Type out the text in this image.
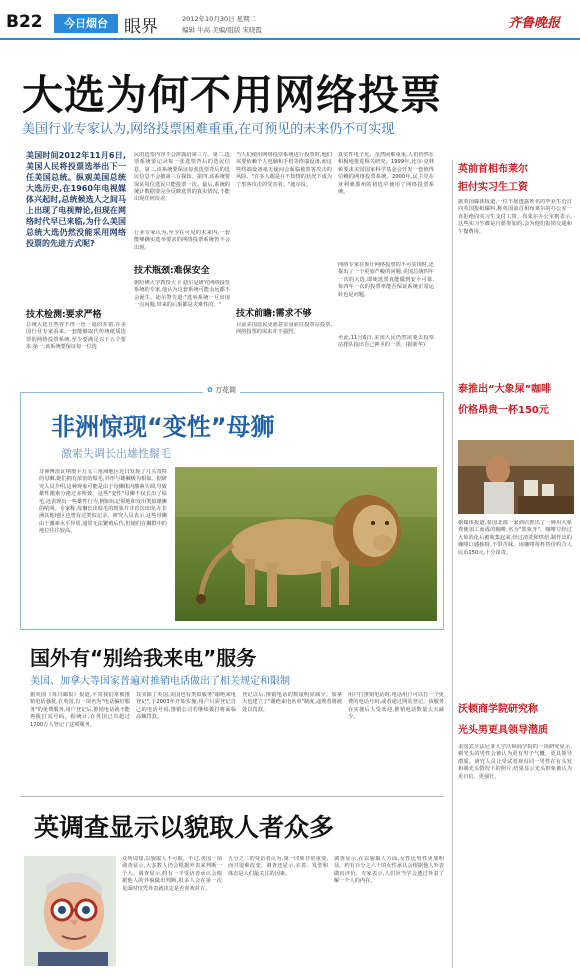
B22	今日烟台 眼界	2012年10月30日 星期二
编辑 牛高 美编/组版 宋晓霞	齐鲁晚报
大选为何不用网络投票
美国行业专家认为,网络投票困难重重,在可预见的未来仍不可实现
美国时间2012年11月6日,美国人民将投票选举出下一任美国总统。纵观美国总统大选历史,在1960年电视媒体兴起时,总统候选人之间马上出现了电视辩论,但现在网络时代早已来临,为什么美国总统大选仍然没能采用网络投票的先进方式呢?
技术检测:要求严格
总统大选自然容不得一丝一毫的差错,在美国行业专家看来,一套能够取代传统纸质选票的网络投票系统,至少要满足以下五个要求:第一,该系统要保证每一位选
民的选票内容不会泄露给第三方。第二,选票系统要记录每一张选票背后的选民信息。第三,该系统要保证每张选票背后的选民信息不会被第三方探知。第四,该系统要保证每位选民只能投票一次。最后,系统的统计数据要完全反映选票的真实情况,不能出现任何误差。
行业专家认为,至少在可见的未来内,一套能够确实选举要求的网络投票系统仍不会出现。
技术瓶颈:难保安全
据哈佛大学教授大卫·迪尔是研究网络投票系统的专家,他认为这套系统可能永远都不会诞生。迪尔警告道:"选举系统一旦出现一点问题,带来的后果都是灾难性的。"
当人们使用网络投票系统进行投票时,他们需要依赖个人电脑和手机等终端设备,而这些终端设备毫无疑问会面临被黑客攻击的风险。"许多人都是在不知情的状况下成为了黑客攻击的受害者。"迪尔说。
技术前瞻:需求不够
目前美国选民更愿意亲身前往投票站投票,网络投票的需求并不强烈。
真实性电子化。虽然困难重重,人们仍然在积极地推进相关研究。1999年,比尔·克林顿要求美国国家科学基金会开发一套值得信赖的网络投票系统。2000年,民主党在亚利桑那州的初选中使用了网络投票系统。
网络专家在预计网络投票的不可实现时,还提出了一个更加严峻的问题:美国总统四年一次的大选,即使选票真能做到安全可靠,每四年一次的投票率能否保证系统正常运转也是问题。
至此,11月6日,美国人民仍然需要去投票站排队投出自己神圣的一票。(据新华)
✿ 万花筒
非洲惊现“变性”母狮
激素失调长出雄性鬃毛
非洲博茨瓦纳奥卡万戈三角洲地区近日发现了几头奇特的母狮,她们拥有浓密的鬃毛,外形与雄狮极为相似。据研究人员介绍,这种现象可能是由于母狮体内激素失调,导致雄性激素分泌过多所致。这些"变性"母狮不仅长出了鬃毛,还表现出一些雄性行为,例如标记领地和发出类似雄狮的吼叫。专家称,母狮长出鬃毛的现象并非首次出现,在非洲其他地区也曾有过类似记录。研究人员表示,这些母狮由于激素水平异常,通常无法繁殖后代,但她们在狮群中的地位往往较高。
国外有“别给我来电”服务
美国、加拿大等国家普遍对推销电话做出了相关规定和限制
据英国《每日邮报》报道,平常我们常被推销电话骚扰,在英国,有一项名为"电话偏好服务"的免费服务,用户登记后,推销电话就不能再拨打其号码。据统计,在英国已有超过1700万人登记了这项服务。
其实除了英国,美国也有类似服务"谢绝来电登记",于2003年开始实施,用户只需登记自己的电话号码,推销公司若继续拨打将面临高额罚款。
登记以后,推销电话的数量明显减少。加拿大也建立了"谢绝来电名单"制度,违规者将被处以罚款。
用户打推销电话时,电话用户可以打一个免费的电话号码,或者通过网站登记。该服务在实施后大受欢迎,推销电话数量大大减少。
英调查显示以貌取人者众多
众所周知,以貌取人不可取。不过,英国一项调查显示,大多数人仍会根据外表来判断一个人。调查显示,约有一半受访者承认会根据他人的外貌做出判断,很多人会在第一次见面时仅凭外表就决定是否喜欢对方。
五分之三的受访者认为,第一印象非常重要,而且很难改变。调查还显示,衣着、发型和体态是人们最关注的因素。
调查显示,在以貌取人方面,女性比男性更加明显。约有百分之六十的女性承认会根据他人外表做出评价。专家表示,人们应当学会透过外表了解一个人的内在。
英前首相布莱尔
拒付实习生工资
据英国媒体报道,一位不愿透露姓名的毕业生近日向英国报纸爆料,称英国前首相布莱尔的办公室一直拒绝向实习生支付工资。布莱尔办公室则表示,这些实习生都是自愿参加的,会为他们报销交通和午餐费用。
泰推出“大象屎”咖啡
价格昂贵一杯150元
据媒体报道,泰国北部一家酒店推出了一种用大象粪便加工而成的咖啡,名为"黑象牙"。咖啡豆经过大象消化后被收集起来,经过清洗和烘焙,制作出的咖啡口感独特,不带苦味。该咖啡每杯售价约合人民币150元,十分昂贵。
沃顿商学院研究称
光头男更具领导潜质
美国宾夕法尼亚大学沃顿商学院的一项研究显示,剃光头的男性会被认为更有男子气概、更具领导潜质。研究人员让受试者观看同一男性在有头发和剃光头情况下的照片,结果显示光头形象被认为更自信、更强壮。
